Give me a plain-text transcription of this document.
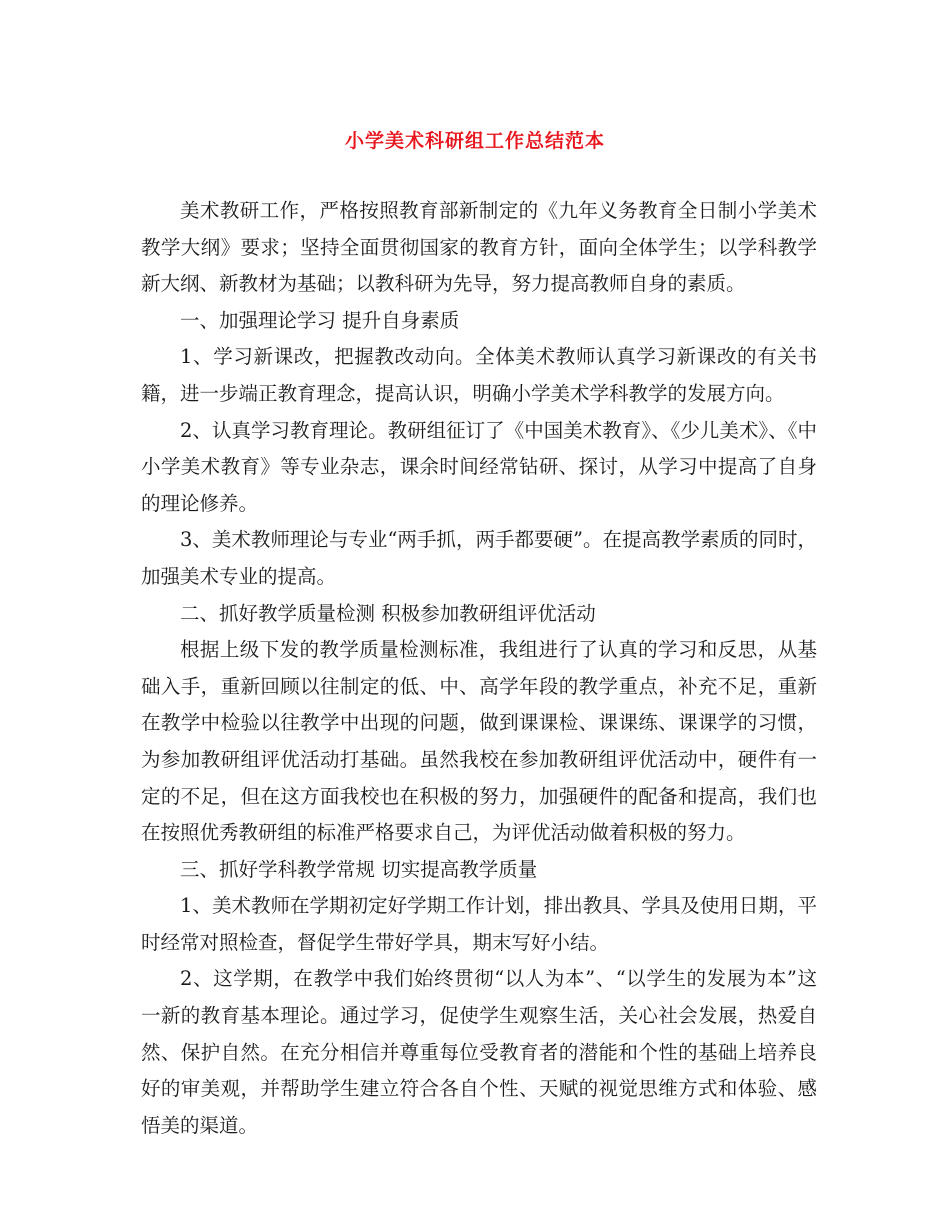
小学美术科研组工作总结范本

美术教研工作，严格按照教育部新制定的《九年义务教育全日制小学美术教学大纲》要求；坚持全面贯彻国家的教育方针，面向全体学生；以学科教学新大纲、新教材为基础；以教科研为先导，努力提高教师自身的素质。

一、加强理论学习 提升自身素质

1、学习新课改，把握教改动向。全体美术教师认真学习新课改的有关书籍，进一步端正教育理念，提高认识，明确小学美术学科教学的发展方向。

2、认真学习教育理论。教研组征订了《中国美术教育》、《少儿美术》、《中小学美术教育》等专业杂志，课余时间经常钻研、探讨，从学习中提高了自身的理论修养。

3、美术教师理论与专业“两手抓，两手都要硬”。在提高教学素质的同时，加强美术专业的提高。

二、抓好教学质量检测 积极参加教研组评优活动

根据上级下发的教学质量检测标准，我组进行了认真的学习和反思，从基础入手，重新回顾以往制定的低、中、高学年段的教学重点，补充不足，重新在教学中检验以往教学中出现的问题，做到课课检、课课练、课课学的习惯，为参加教研组评优活动打基础。虽然我校在参加教研组评优活动中，硬件有一定的不足，但在这方面我校也在积极的努力，加强硬件的配备和提高，我们也在按照优秀教研组的标准严格要求自己，为评优活动做着积极的努力。

三、抓好学科教学常规 切实提高教学质量

1、美术教师在学期初定好学期工作计划，排出教具、学具及使用日期，平时经常对照检查，督促学生带好学具，期末写好小结。

2、这学期，在教学中我们始终贯彻“以人为本”、“以学生的发展为本”这一新的教育基本理论。通过学习，促使学生观察生活，关心社会发展，热爱自然、保护自然。在充分相信并尊重每位受教育者的潜能和个性的基础上培养良好的审美观，并帮助学生建立符合各自个性、天赋的视觉思维方式和体验、感悟美的渠道。
